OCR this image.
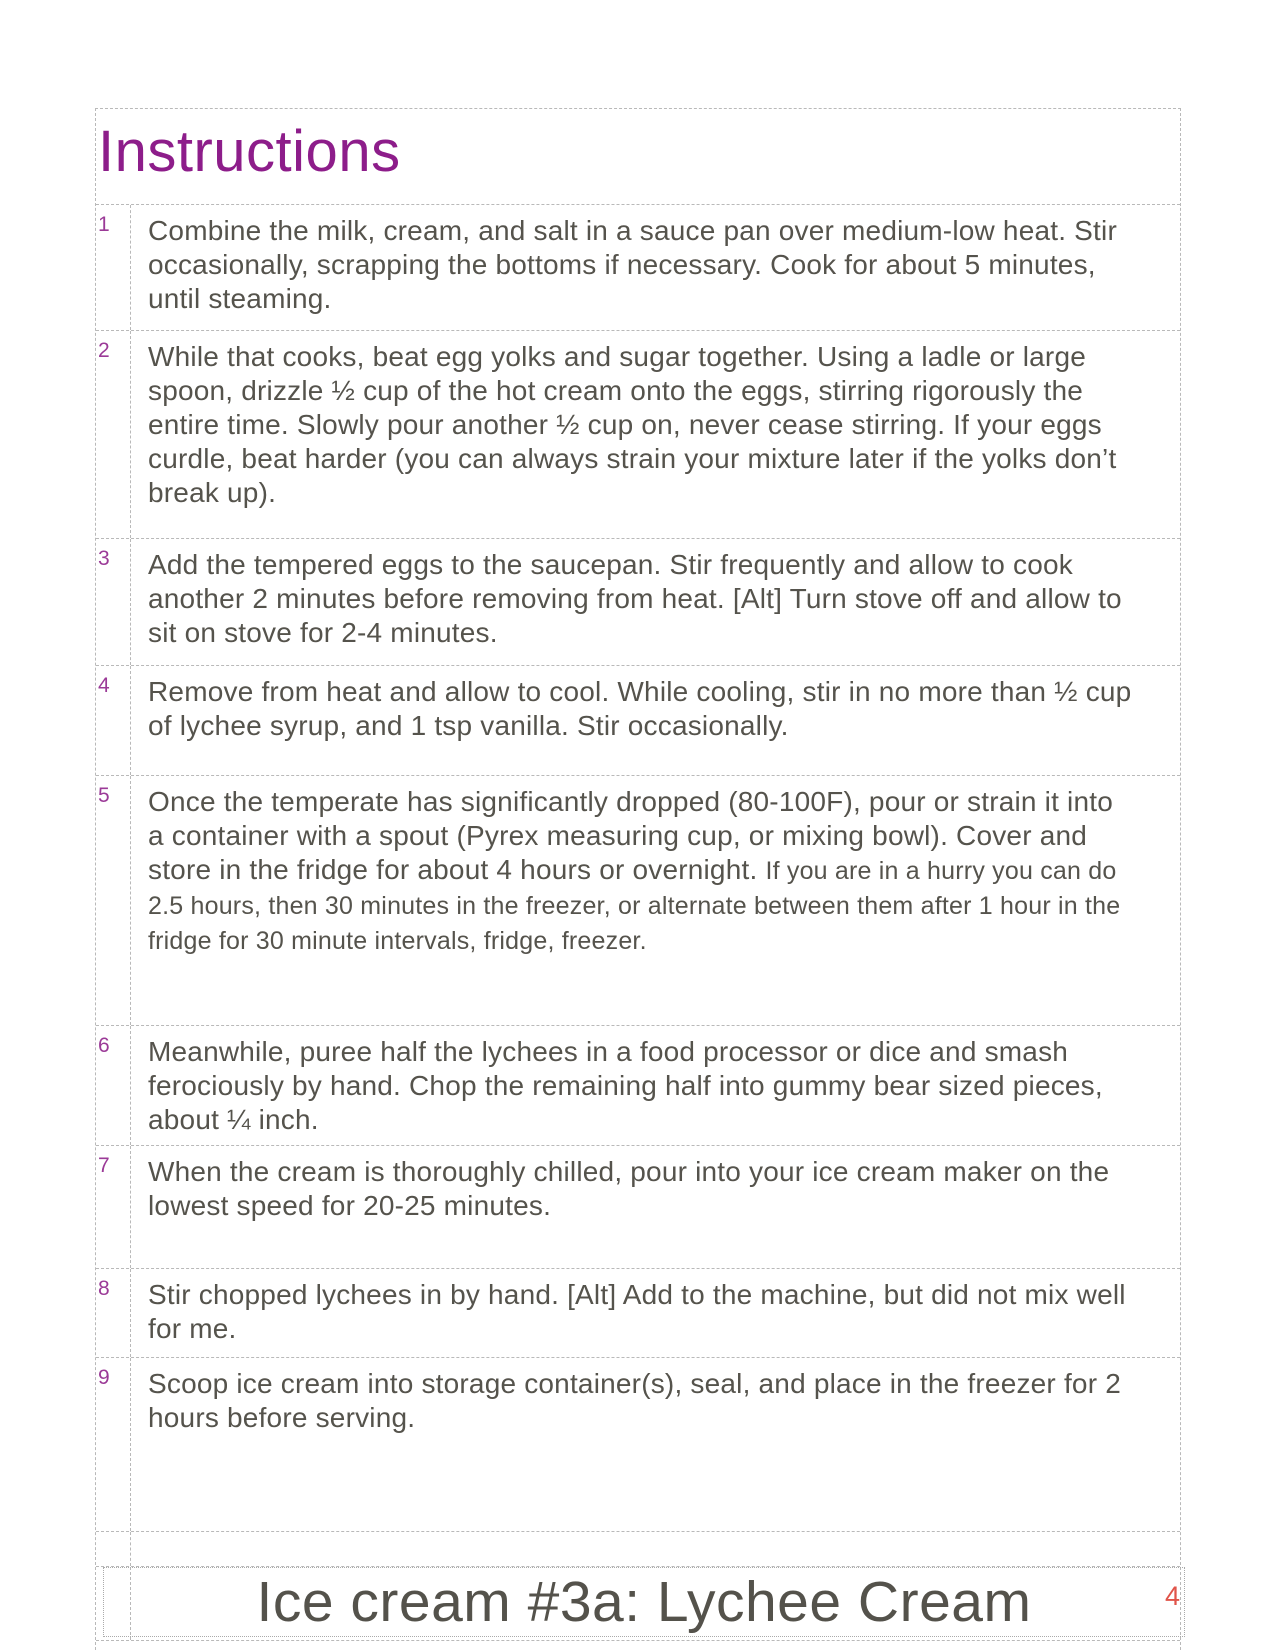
Instructions
1	Combine the milk, cream, and salt in a sauce pan over medium-low heat. Stir occasionally, scrapping the bottoms if necessary. Cook for about 5 minutes, until steaming.
2	While that cooks, beat egg yolks and sugar together. Using a ladle or large spoon, drizzle ½ cup of the hot cream onto the eggs, stirring rigorously the entire time. Slowly pour another ½ cup on, never cease stirring. If your eggs curdle, beat harder (you can always strain your mixture later if the yolks don’t break up).
3	Add the tempered eggs to the saucepan. Stir frequently and allow to cook another 2 minutes before removing from heat. [Alt] Turn stove off and allow to sit on stove for 2-4 minutes.
4	Remove from heat and allow to cool. While cooling, stir in no more than ½ cup of lychee syrup, and 1 tsp vanilla. Stir occasionally.
5	Once the temperate has significantly dropped (80-100F), pour or strain it into a container with a spout (Pyrex measuring cup, or mixing bowl). Cover and store in the fridge for about 4 hours or overnight. If you are in a hurry you can do 2.5 hours, then 30 minutes in the freezer, or alternate between them after 1 hour in the fridge for 30 minute intervals, fridge, freezer.
6	Meanwhile, puree half the lychees in a food processor or dice and smash ferociously by hand. Chop the remaining half into gummy bear sized pieces, about ¼ inch.
7	When the cream is thoroughly chilled, pour into your ice cream maker on the lowest speed for 20-25 minutes.
8	Stir chopped lychees in by hand. [Alt] Add to the machine, but did not mix well for me.
9	Scoop ice cream into storage container(s), seal, and place in the freezer for 2 hours before serving.
Ice cream #3a: Lychee Cream	4
